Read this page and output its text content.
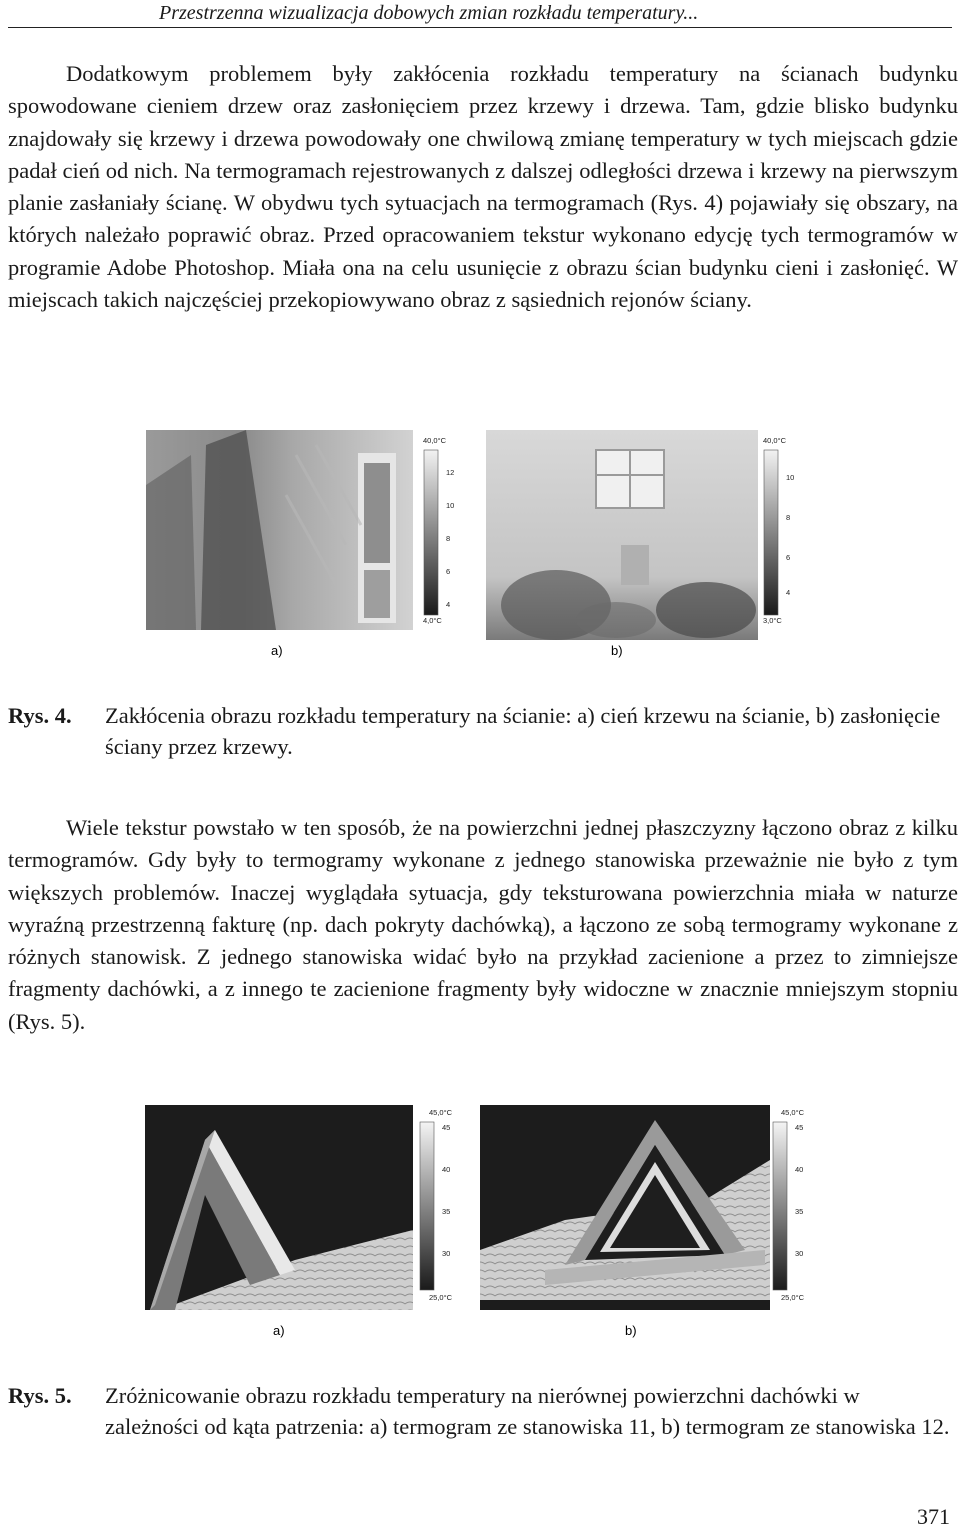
Przestrzenna wizualizacja dobowych zmian rozkładu temperatury...

Dodatkowym problemem były zakłócenia rozkładu temperatury na ścianach budynku spowodowane cieniem drzew oraz zasłonięciem przez krzewy i drzewa. Tam, gdzie blisko budynku znajdowały się krzewy i drzewa powodowały one chwilową zmianę temperatury w tych miejscach gdzie padał cień od nich. Na termogramach rejestrowanych z dalszej odległości drzewa i krzewy na pierwszym planie zasłaniały ścianę. W obydwu tych sytuacjach na termogramach (Rys. 4) pojawiały się obszary, na których należało poprawić obraz. Przed opracowaniem tekstur wykonano edycję tych termogramów w programie Adobe Photoshop. Miała ona na celu usunięcie z obrazu ścian budynku cieni i zasłonięć. W miejscach takich najczęściej przekopiowywano obraz z sąsiednich rejonów ściany.

40,0°C
12
10
8
6
4
4,0°C
40,0°C
10
8
6
4
3,0°C
a)	b)
Rys. 4. Zakłócenia obrazu rozkładu temperatury na ścianie: a) cień krzewu na ścianie, b) zasłonięcie ściany przez krzewy.

Wiele tekstur powstało w ten sposób, że na powierzchni jednej płaszczyzny łączono obraz z kilku termogramów. Gdy były to termogramy wykonane z jednego stanowiska przeważnie nie było z tym większych problemów. Inaczej wyglądała sytuacja, gdy teksturowana powierzchnia miała w naturze wyraźną przestrzenną fakturę (np. dach pokryty dachówką), a łączono ze sobą termogramy wykonane z różnych stanowisk. Z jednego stanowiska widać było na przykład zacienione a przez to zimniejsze fragmenty dachówki, a z innego te zacienione fragmenty były widoczne w znacznie mniejszym stopniu (Rys. 5).

45,0°C
45
40
35
30
25,0°C
45,0°C
45
40
35
30
25,0°C
a)	b)
Rys. 5. Zróżnicowanie obrazu rozkładu temperatury na nierównej powierzchni dachówki w zależności od kąta patrzenia: a) termogram ze stanowiska 11, b) termogram ze stanowiska 12.
371
